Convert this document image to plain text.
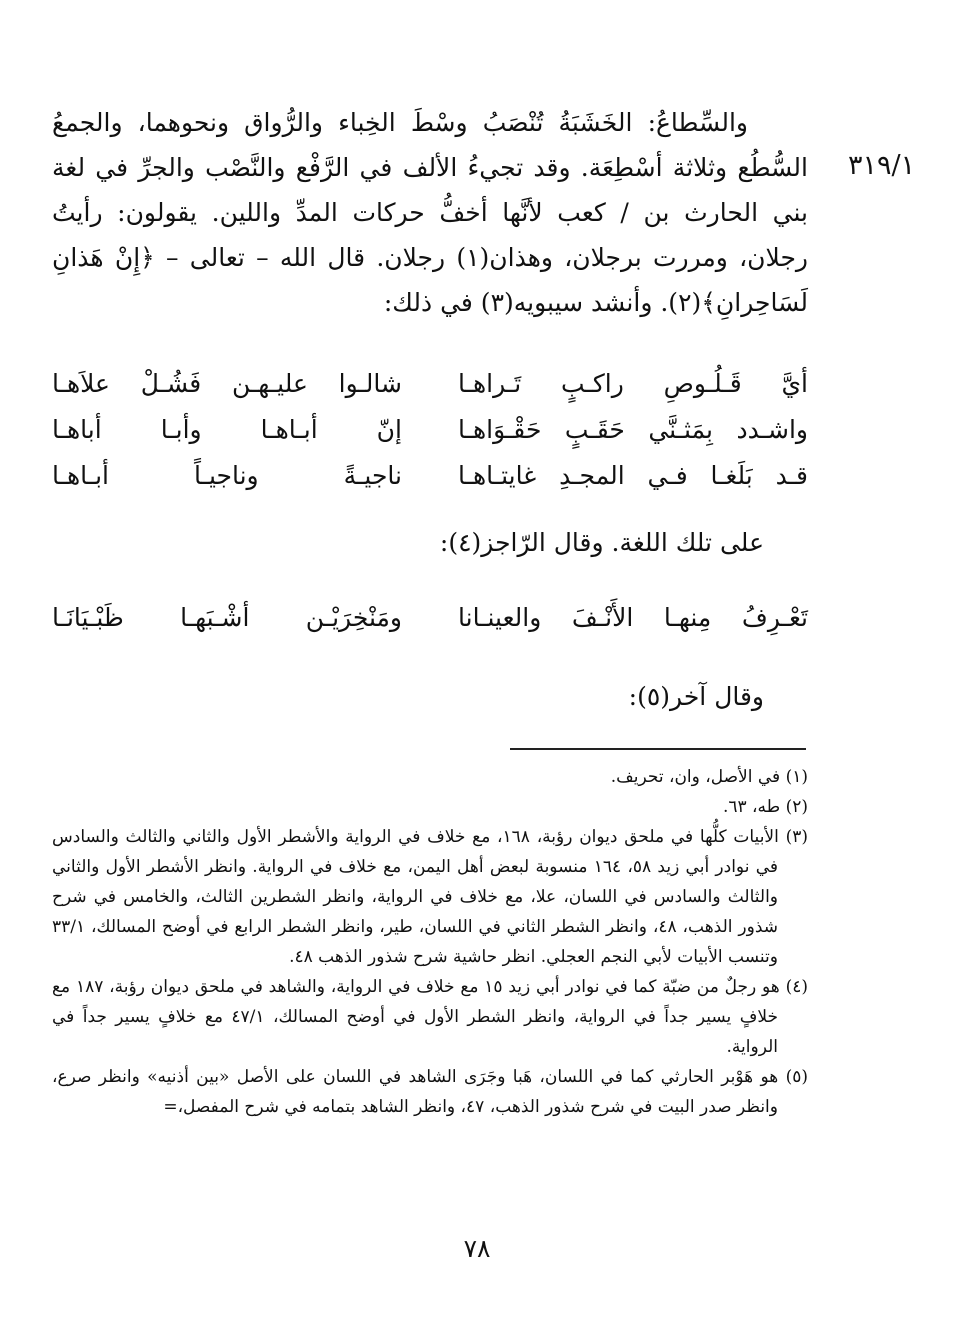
٣١٩/١

والسِّطاعُ: الخَشَبَةُ تُنْصَبُ وسْطَ الخِباء والرُّواق ونحوهما، والجمعُ السُّطُع وثلاثة أسْطِعَة. وقد تجيءُ الألف في الرَّفْع والنَّصْب والجرِّ في لغة بني الحارث بن / كعب لأنَّها أخفُّ حركات المدِّ واللين. يقولون: رأيتُ رجلان، ومررت برجلان، وهذان(١) رجلان. قال الله – تعالى – ﴿إِنْ هَذانِ لَسَاحِرانِ﴾(٢). وأنشد سيبويه(٣) في ذلك:

أيَّ قَـلُـوصِ راكـبٍ تَـراهـا
شالـوا عليـهـن فَشُـلْ علاَهـا
واشـدد بِمَثـنَّي حَقَـبٍ حَقْـوَاهـا
إنّ أبـاهـا وأبـا أباهـا
قـد بَلَغـا فـي المجـدِ غايتـاهـا
ناجيـةً وناجيـاً أبـاهـا
على تلك اللغة. وقال الرّاجز(٤):
تَعْـرِفُ مِنهـا الأَنْـفَ والعينـانا
ومَنْخِرَيْـن أشْـبَهـا ظَبْـيَانَـا
وقال آخر(٥):

(١) في الأصل، وان، تحريف.

(٢) طه، ٦٣.

(٣) الأبيات كلُّها في ملحق ديوان رؤبة، ١٦٨، مع خلاف في الرواية والأشطر الأول والثاني والثالث والسادس في نوادر أبي زيد ٥٨، ١٦٤ منسوبة لبعض أهل اليمن، مع خلاف في الرواية. وانظر الأشطر الأول والثاني والثالث والسادس في اللسان، علا، مع خلاف في الرواية، وانظر الشطرين الثالث، والخامس في شرح شذور الذهب، ٤٨، وانظر الشطر الثاني في اللسان، طير، وانظر الشطر الرابع في أوضح المسالك، ٣٣/١ وتنسب الأبيات لأبي النجم العجلي. انظر حاشية شرح شذور الذهب ٤٨.

(٤) هو رجلٌ من ضبّة كما في نوادر أبي زيد ١٥ مع خلاف في الرواية، والشاهد في ملحق ديوان رؤبة، ١٨٧ مع خلافٍ يسير جداً في الرواية، وانظر الشطر الأول في أوضح المسالك، ٤٧/١ مع خلافٍ يسير جداً في الرواية.

(٥) هو هَوْبر الحارثي كما في اللسان، هَبا وجَرَى الشاهد في اللسان على الأصل «بين أذنيه» وانظر صرع، وانظر صدر البيت في شرح شذور الذهب، ٤٧، وانظر الشاهد بتمامه في شرح المفصل،=

٧٨
